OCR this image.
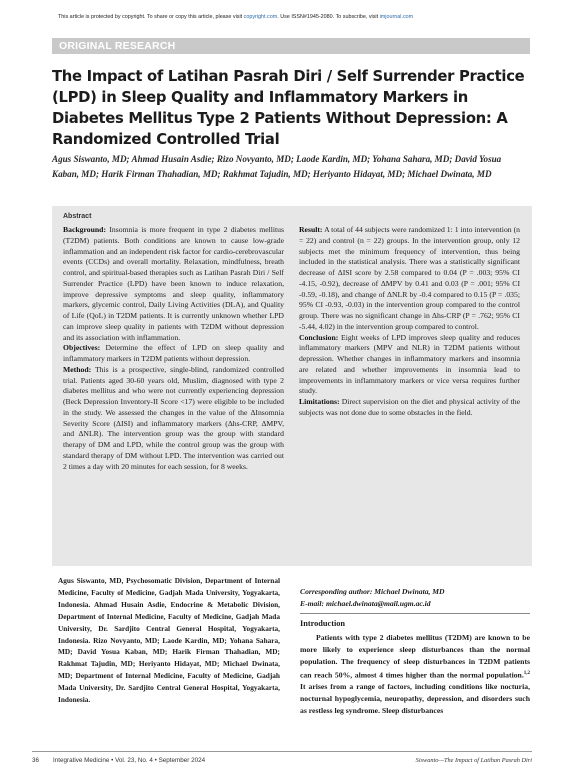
This article is protected by copyright. To share or copy this article, please visit copyright.com. Use ISSN#1945-2080. To subscribe, visit imjournal.com
ORIGINAL RESEARCH
The Impact of Latihan Pasrah Diri / Self Surrender Practice (LPD) in Sleep Quality and Inflammatory Markers in Diabetes Mellitus Type 2 Patients Without Depression: A Randomized Controlled Trial
Agus Siswanto, MD; Ahmad Husain Asdie; Rizo Novyanto, MD; Laode Kardin, MD; Yohana Sahara, MD; David Yosua Kaban, MD; Harik Firman Thahadian, MD; Rakhmat Tajudin, MD; Heriyanto Hidayat, MD; Michael Dwinata, MD
Abstract

Background: Insomnia is more frequent in type 2 diabetes mellitus (T2DM) patients. Both conditions are known to cause low-grade inflammation and an independent risk factor for cardio-cerebrovascular events (CCDs) and overall mortality. Relaxation, mindfulness, breath control, and spiritual-based therapies such as Latihan Pasrah Diri / Self Surrender Practice (LPD) have been known to induce relaxation, improve depressive symptoms and sleep quality, inflammatory markers, glycemic control, Daily Living Activities (DLA), and Quality of Life (QoL) in T2DM patients. It is currently unknown whether LPD can improve sleep quality in patients with T2DM without depression and its association with inflammation.

Objectives: Determine the effect of LPD on sleep quality and inflammatory markers in T2DM patients without depression.

Method: This is a prospective, single-blind, randomized controlled trial. Patients aged 30-60 years old, Muslim, diagnosed with type 2 diabetes mellitus and who were not currently experiencing depression (Beck Depression Inventory-II Score <17) were eligible to be included in the study. We assessed the changes in the value of the ΔInsomnia Severity Score (ΔISI) and inflammatory markers (Δhs-CRP, ΔMPV, and ΔNLR). The intervention group was the group with standard therapy of DM and LPD, while the control group was the group with standard therapy of DM without LPD. The intervention was carried out 2 times a day with 20 minutes for each session, for 8 weeks.

Result: A total of 44 subjects were randomized 1: 1 into intervention (n = 22) and control (n = 22) groups. In the intervention group, only 12 subjects met the minimum frequency of intervention, thus being included in the statistical analysis. There was a statistically significant decrease of ΔISI score by 2.58 compared to 0.04 (P = .003; 95% CI -4.15, -0.92), decrease of ΔMPV by 0.41 and 0.03 (P = .001; 95% CI -0.59, -0.18), and change of ΔNLR by -0.4 compared to 0.15 (P = .035; 95% CI -0.93, -0.03) in the intervention group compared to the control group. There was no significant change in Δhs-CRP (P = .762; 95% CI -5.44, 4.02) in the intervention group compared to control.

Conclusion: Eight weeks of LPD improves sleep quality and reduces inflammatory markers (MPV and NLR) in T2DM patients without depression. Whether changes in inflammatory markers and insomnia are related and whether improvements in insomnia lead to improvements in inflammatory markers or vice versa requires further study.

Limitations: Direct supervision on the diet and physical activity of the subjects was not done due to some obstacles in the field.

Agus Siswanto, MD, Psychosomatic Division, Department of Internal Medicine, Faculty of Medicine, Gadjah Mada University, Yogyakarta, Indonesia. Ahmad Husain Asdie, Endocrine & Metabolic Division, Department of Internal Medicine, Faculty of Medicine, Gadjah Mada University, Dr. Sardjito Central General Hospital, Yogyakarta, Indonesia. Rizo Novyanto, MD; Laode Kardin, MD; Yohana Sahara, MD; David Yosua Kaban, MD; Harik Firman Thahadian, MD; Rakhmat Tajudin, MD; Heriyanto Hidayat, MD; Michael Dwinata, MD; Department of Internal Medicine, Faculty of Medicine, Gadjah Mada University, Dr. Sardjito Central General Hospital, Yogyakarta, Indonesia.
Corresponding author: Michael Dwinata, MD
E-mail: michael.dwinata@mail.ugm.ac.id
Introduction
Patients with type 2 diabetes mellitus (T2DM) are known to be more likely to experience sleep disturbances than the normal population. The frequency of sleep disturbances in T2DM patients can reach 50%, almost 4 times higher than the normal population.$^{1,2}$ It arises from a range of factors, including conditions like nocturia, nocturnal hypoglycemia, neuropathy, depression, and disorders such as restless leg syndrome. Sleep disturbances
36 Integrative Medicine • Vol. 23, No. 4 • September 2024	Siswanto—The Impact of Latihan Pasrah Diri
